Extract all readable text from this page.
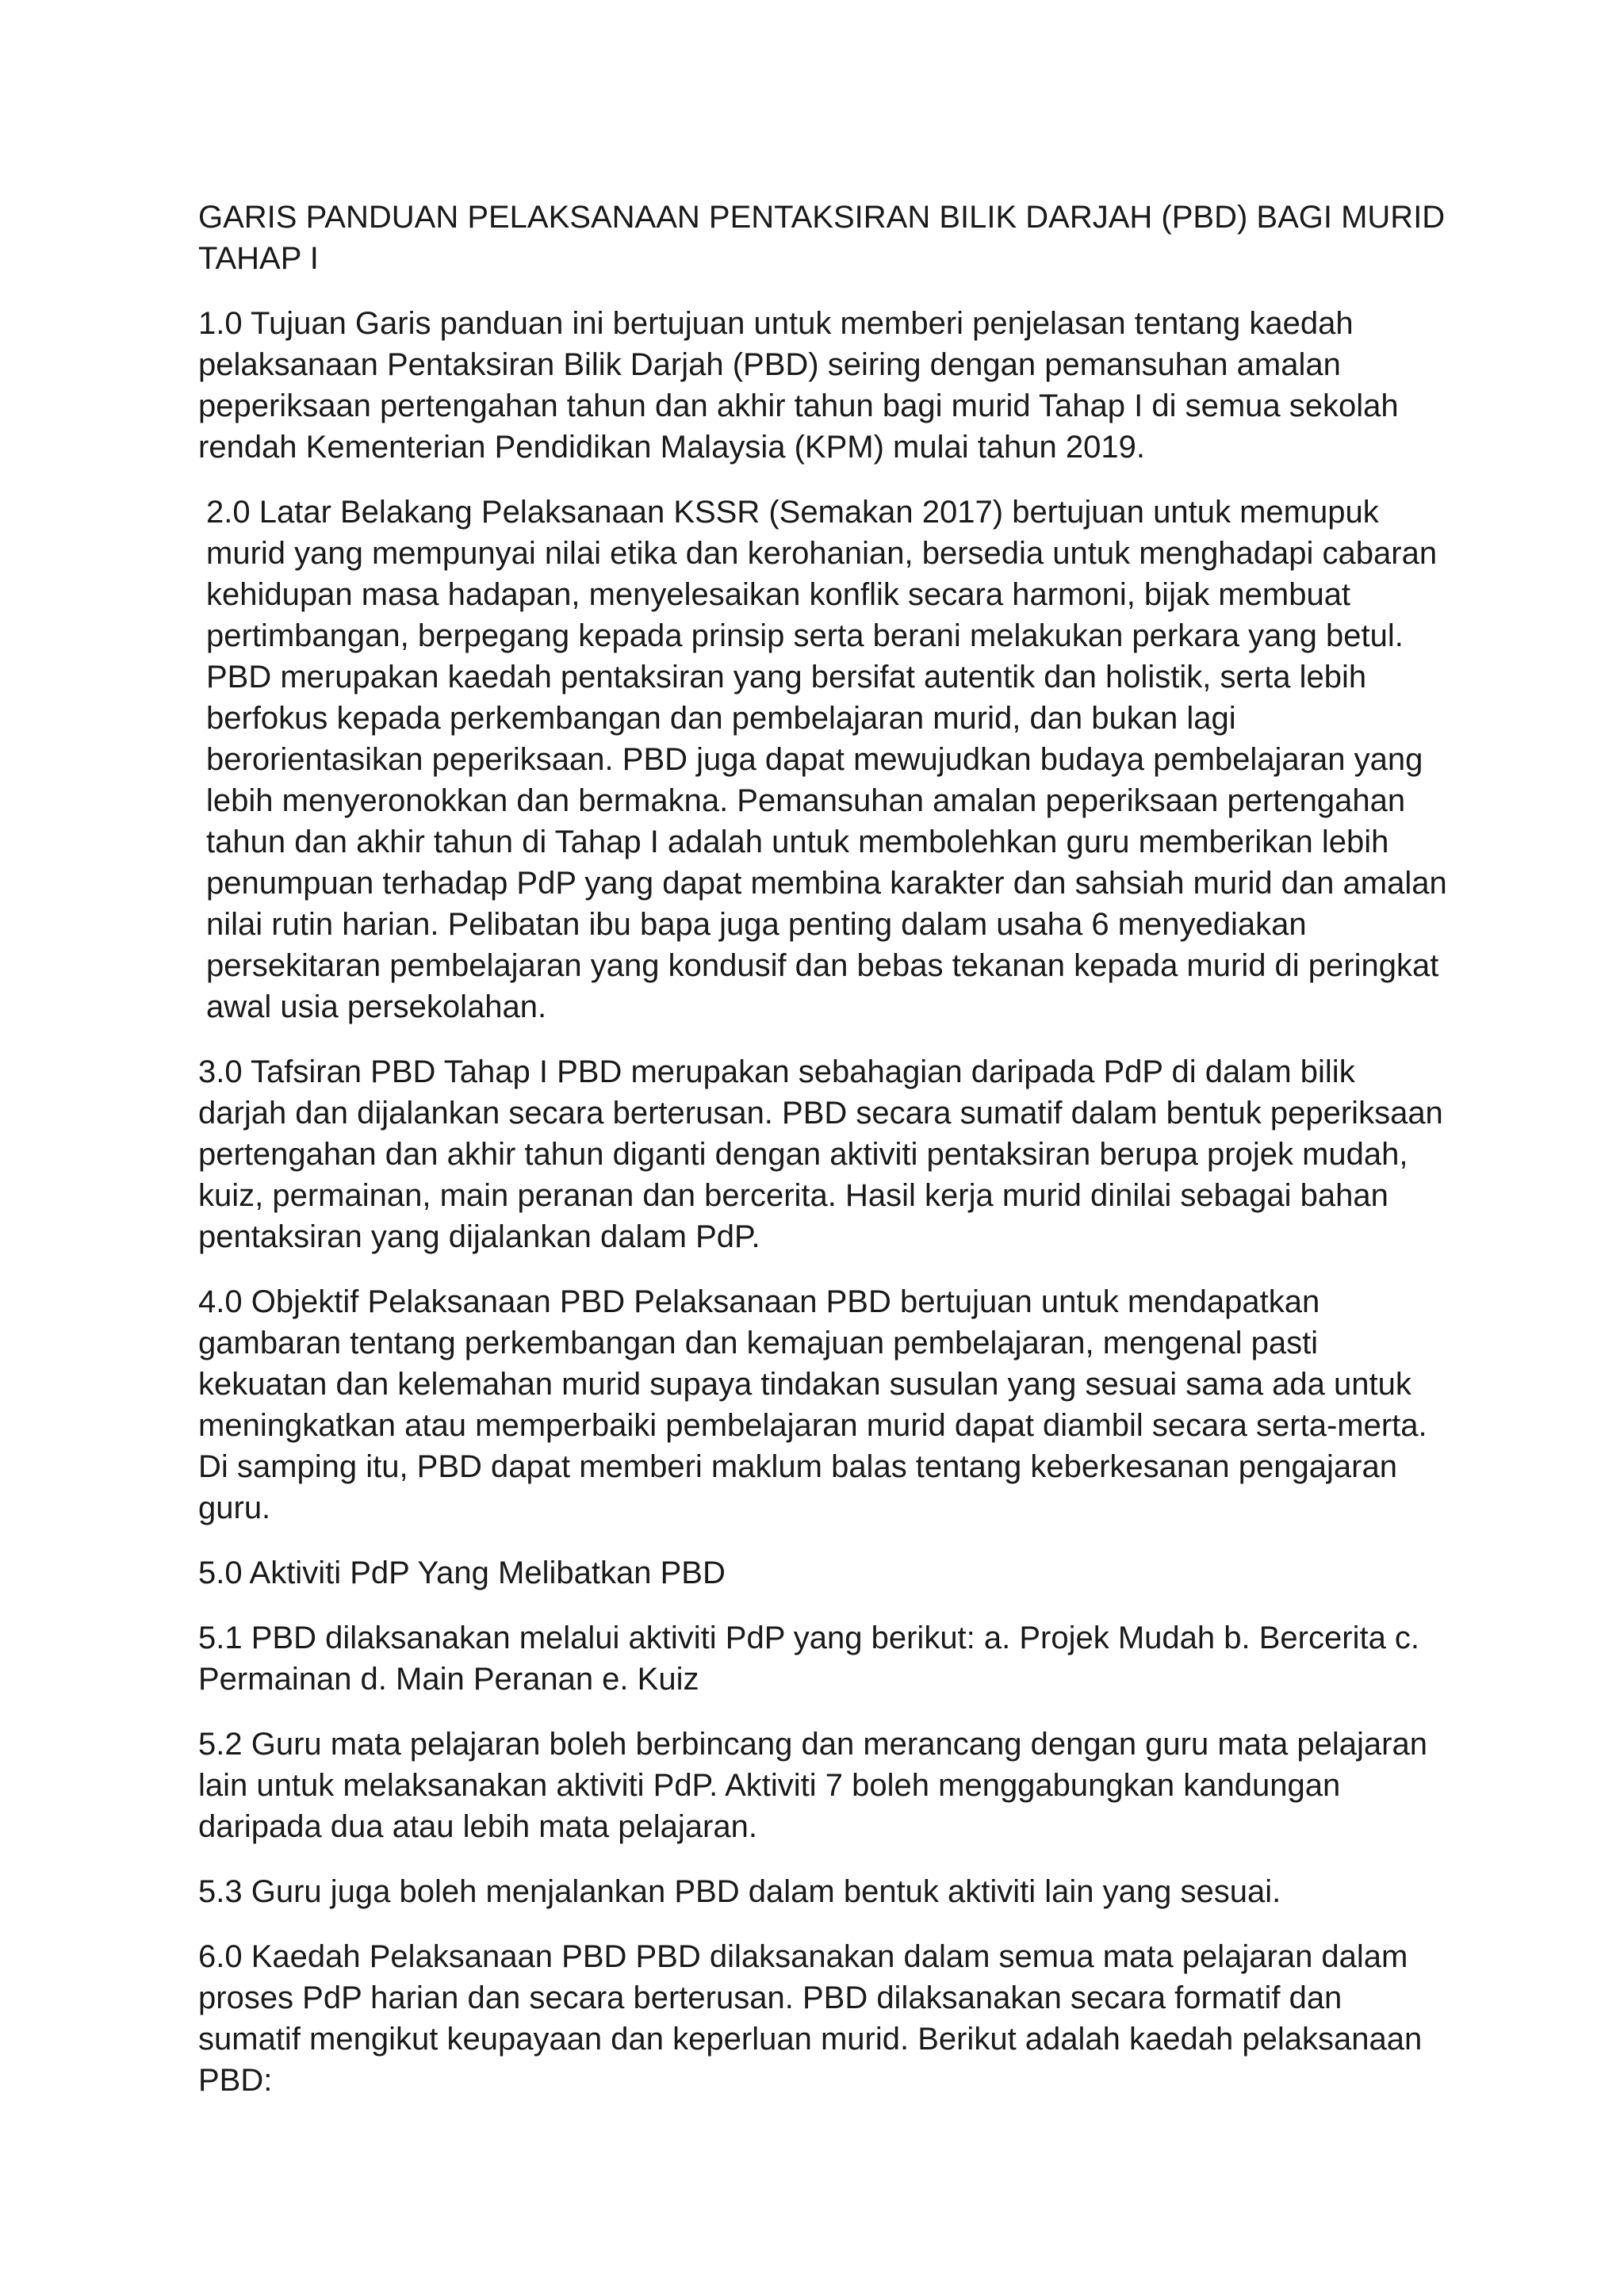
GARIS PANDUAN PELAKSANAAN PENTAKSIRAN BILIK DARJAH (PBD) BAGI MURID TAHAP I

1.0 Tujuan Garis panduan ini bertujuan untuk memberi penjelasan tentang kaedah pelaksanaan Pentaksiran Bilik Darjah (PBD) seiring dengan pemansuhan amalan peperiksaan pertengahan tahun dan akhir tahun bagi murid Tahap I di semua sekolah rendah Kementerian Pendidikan Malaysia (KPM) mulai tahun 2019.

2.0 Latar Belakang Pelaksanaan KSSR (Semakan 2017) bertujuan untuk memupuk murid yang mempunyai nilai etika dan kerohanian, bersedia untuk menghadapi cabaran kehidupan masa hadapan, menyelesaikan konflik secara harmoni, bijak membuat pertimbangan, berpegang kepada prinsip serta berani melakukan perkara yang betul. PBD merupakan kaedah pentaksiran yang bersifat autentik dan holistik, serta lebih berfokus kepada perkembangan dan pembelajaran murid, dan bukan lagi berorientasikan peperiksaan. PBD juga dapat mewujudkan budaya pembelajaran yang lebih menyeronokkan dan bermakna. Pemansuhan amalan peperiksaan pertengahan tahun dan akhir tahun di Tahap I adalah untuk membolehkan guru memberikan lebih penumpuan terhadap PdP yang dapat membina karakter dan sahsiah murid dan amalan nilai rutin harian. Pelibatan ibu bapa juga penting dalam usaha 6 menyediakan persekitaran pembelajaran yang kondusif dan bebas tekanan kepada murid di peringkat awal usia persekolahan.

3.0 Tafsiran PBD Tahap I PBD merupakan sebahagian daripada PdP di dalam bilik darjah dan dijalankan secara berterusan. PBD secara sumatif dalam bentuk peperiksaan pertengahan dan akhir tahun diganti dengan aktiviti pentaksiran berupa projek mudah, kuiz, permainan, main peranan dan bercerita. Hasil kerja murid dinilai sebagai bahan pentaksiran yang dijalankan dalam PdP.

4.0 Objektif Pelaksanaan PBD Pelaksanaan PBD bertujuan untuk mendapatkan gambaran tentang perkembangan dan kemajuan pembelajaran, mengenal pasti kekuatan dan kelemahan murid supaya tindakan susulan yang sesuai sama ada untuk meningkatkan atau memperbaiki pembelajaran murid dapat diambil secara serta-merta. Di samping itu, PBD dapat memberi maklum balas tentang keberkesanan pengajaran guru.

5.0 Aktiviti PdP Yang Melibatkan PBD

5.1 PBD dilaksanakan melalui aktiviti PdP yang berikut: a. Projek Mudah b. Bercerita c. Permainan d. Main Peranan e. Kuiz

5.2 Guru mata pelajaran boleh berbincang dan merancang dengan guru mata pelajaran lain untuk melaksanakan aktiviti PdP. Aktiviti 7 boleh menggabungkan kandungan daripada dua atau lebih mata pelajaran.

5.3 Guru juga boleh menjalankan PBD dalam bentuk aktiviti lain yang sesuai.

6.0 Kaedah Pelaksanaan PBD PBD dilaksanakan dalam semua mata pelajaran dalam proses PdP harian dan secara berterusan. PBD dilaksanakan secara formatif dan sumatif mengikut keupayaan dan keperluan murid. Berikut adalah kaedah pelaksanaan PBD:
